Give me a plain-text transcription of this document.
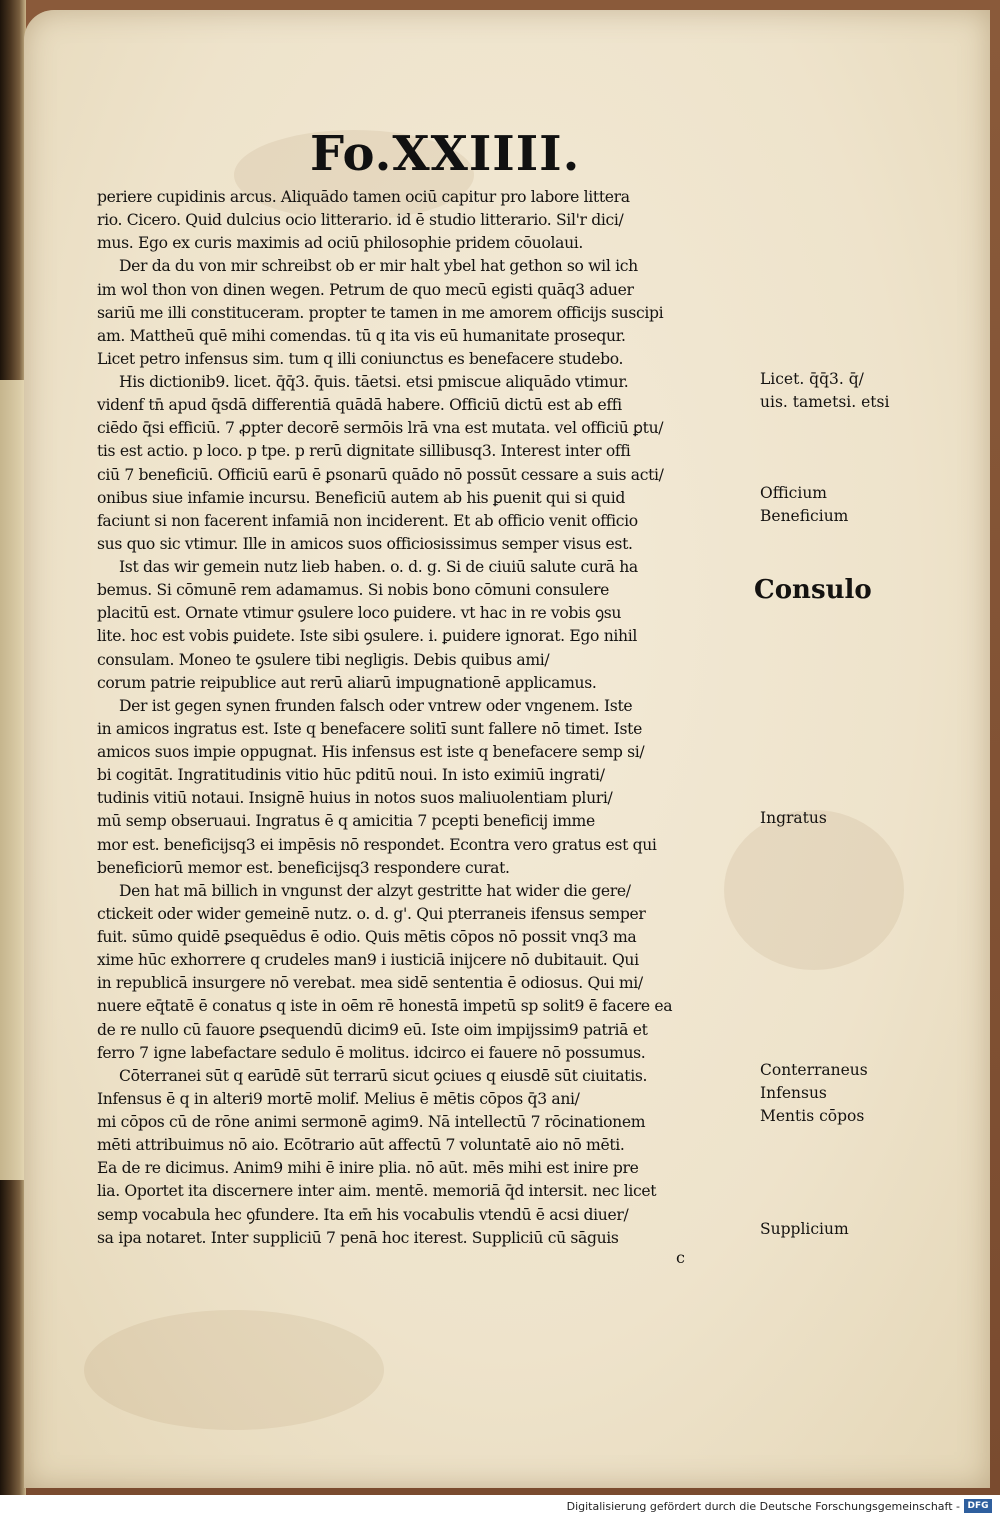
Fo.XXIIII.
periere cupidinis arcus. Aliquādo tamen ociū capitur pro labore littera
rio. Cicero. Quid dulcius ocio litterario. id ē studio litterario. Sil'r dici/
mus. Ego ex curis maximis ad ociū philosophie pridem cōuolaui.
Der da du von mir schreibst ob er mir halt ybel hat gethon so wil ich
im wol thon von dinen wegen. Petrum de quo mecū egisti quāq3 aduer
sariū me illi constituceram. propter te tamen in me amorem officijs suscipi
am. Mattheū quē mihi comendas. tū q ita vis eū humanitate prosequr.
Licet petro infensus sim. tum q illi coniunctus es benefacere studebo.
His dictionib9. licet. q̄q̄3. q̄uis. tāetsi. etsi pmiscue aliquādo vtimur.
videnf tn̄ apud q̄sdā differentiā quādā habere. Officiū dictū est ab effi
ciēdo q̄si efficiū. 7 ꝓpter decorē sermōis lrā vna est mutata. vel officiū ꝑtu/
tis est actio. p loco. p tpe. p rerū dignitate sillibusq3. Interest inter offi
ciū 7 beneficiū. Officiū earū ē ꝑsonarū quādo nō possūt cessare a suis acti/
onibus siue infamie incursu. Beneficiū autem ab his ꝑuenit qui si quid
faciunt si non facerent infamiā non inciderent. Et ab officio venit officio
sus quo sic vtimur. Ille in amicos suos officiosissimus semper visus est.
Ist das wir gemein nutz lieb haben. o. d. g. Si de ciuiū salute curā ha
bemus. Si cōmunē rem adamamus. Si nobis bono cōmuni consulere
placitū est. Ornate vtimur ꝯsulere loco ꝑuidere. vt hac in re vobis ꝯsu
lite. hoc est vobis ꝑuidete. Iste sibi ꝯsulere. i. ꝑuidere ignorat. Ego nihil
consulam. Moneo te ꝯsulere tibi negligis. Debis quibus ami/
corum patrie reipublice aut rerū aliarū impugnationē applicamus.
Der ist gegen synen frunden falsch oder vntrew oder vngenem. Iste
in amicos ingratus est. Iste q benefacere solitī sunt fallere nō timet. Iste
amicos suos impie oppugnat. His infensus est iste q benefacere semp si/
bi cogitāt. Ingratitudinis vitio hūc pditū noui. In isto eximiū ingrati/
tudinis vitiū notaui. Insignē huius in notos suos maliuolentiam pluri/
mū semp obseruaui. Ingratus ē q amicitia 7 pcepti beneficij imme
mor est. beneficijsq3 ei impēsis nō respondet. Econtra vero gratus est qui
beneficiorū memor est. beneficijsq3 respondere curat.
Den hat mā billich in vngunst der alzyt gestritte hat wider die gere/
ctickeit oder wider gemeinē nutz. o. d. g'. Qui pterraneis ifensus semper
fuit. sūmo quidē ꝑsequēdus ē odio. Quis mētis cōpos nō possit vnq3 ma
xime hūc exhorrere q crudeles man9 i iusticiā inijcere nō dubitauit. Qui
in republicā insurgere nō verebat. mea sidē sententia ē odiosus. Qui mi/
nuere eq̄tatē ē conatus q iste in oēm rē honestā impetū sp solit9 ē facere ea
de re nullo cū fauore ꝑsequendū dicim9 eū. Iste oim impijssim9 patriā et
ferro 7 igne labefactare sedulo ē molitus. idcirco ei fauere nō possumus.
Cōterranei sūt q earūdē sūt terrarū sicut ꝯciues q eiusdē sūt ciuitatis.
Infensus ē q in alteri9 mortē molif. Melius ē mētis cōpos q̄3 ani/
mi cōpos cū de rōne animi sermonē agim9. Nā intellectū 7 rōcinationem
mēti attribuimus nō aio. Ecōtrario aūt affectū 7 voluntatē aio nō mēti.
Ea de re dicimus. Anim9 mihi ē inire plia. nō aūt. mēs mihi est inire pre
lia. Oportet ita discernere inter aim. mentē. memoriā q̄d intersit. nec licet
semp vocabula hec ꝯfundere. Ita em̄ his vocabulis vtendū ē acsi diuer/
sa ipa notaret. Inter suppliciū 7 penā hoc iterest. Suppliciū cū sāguis
Licet. q̄q̄3. q̄/
uis. tametsi. etsi
Officium
Beneficium
Consulo
Ingratus
Conterraneus
Infensus
Mentis cōpos
Supplicium
c
Digitalisierung gefördert durch die Deutsche Forschungsgemeinschaft - DFG
